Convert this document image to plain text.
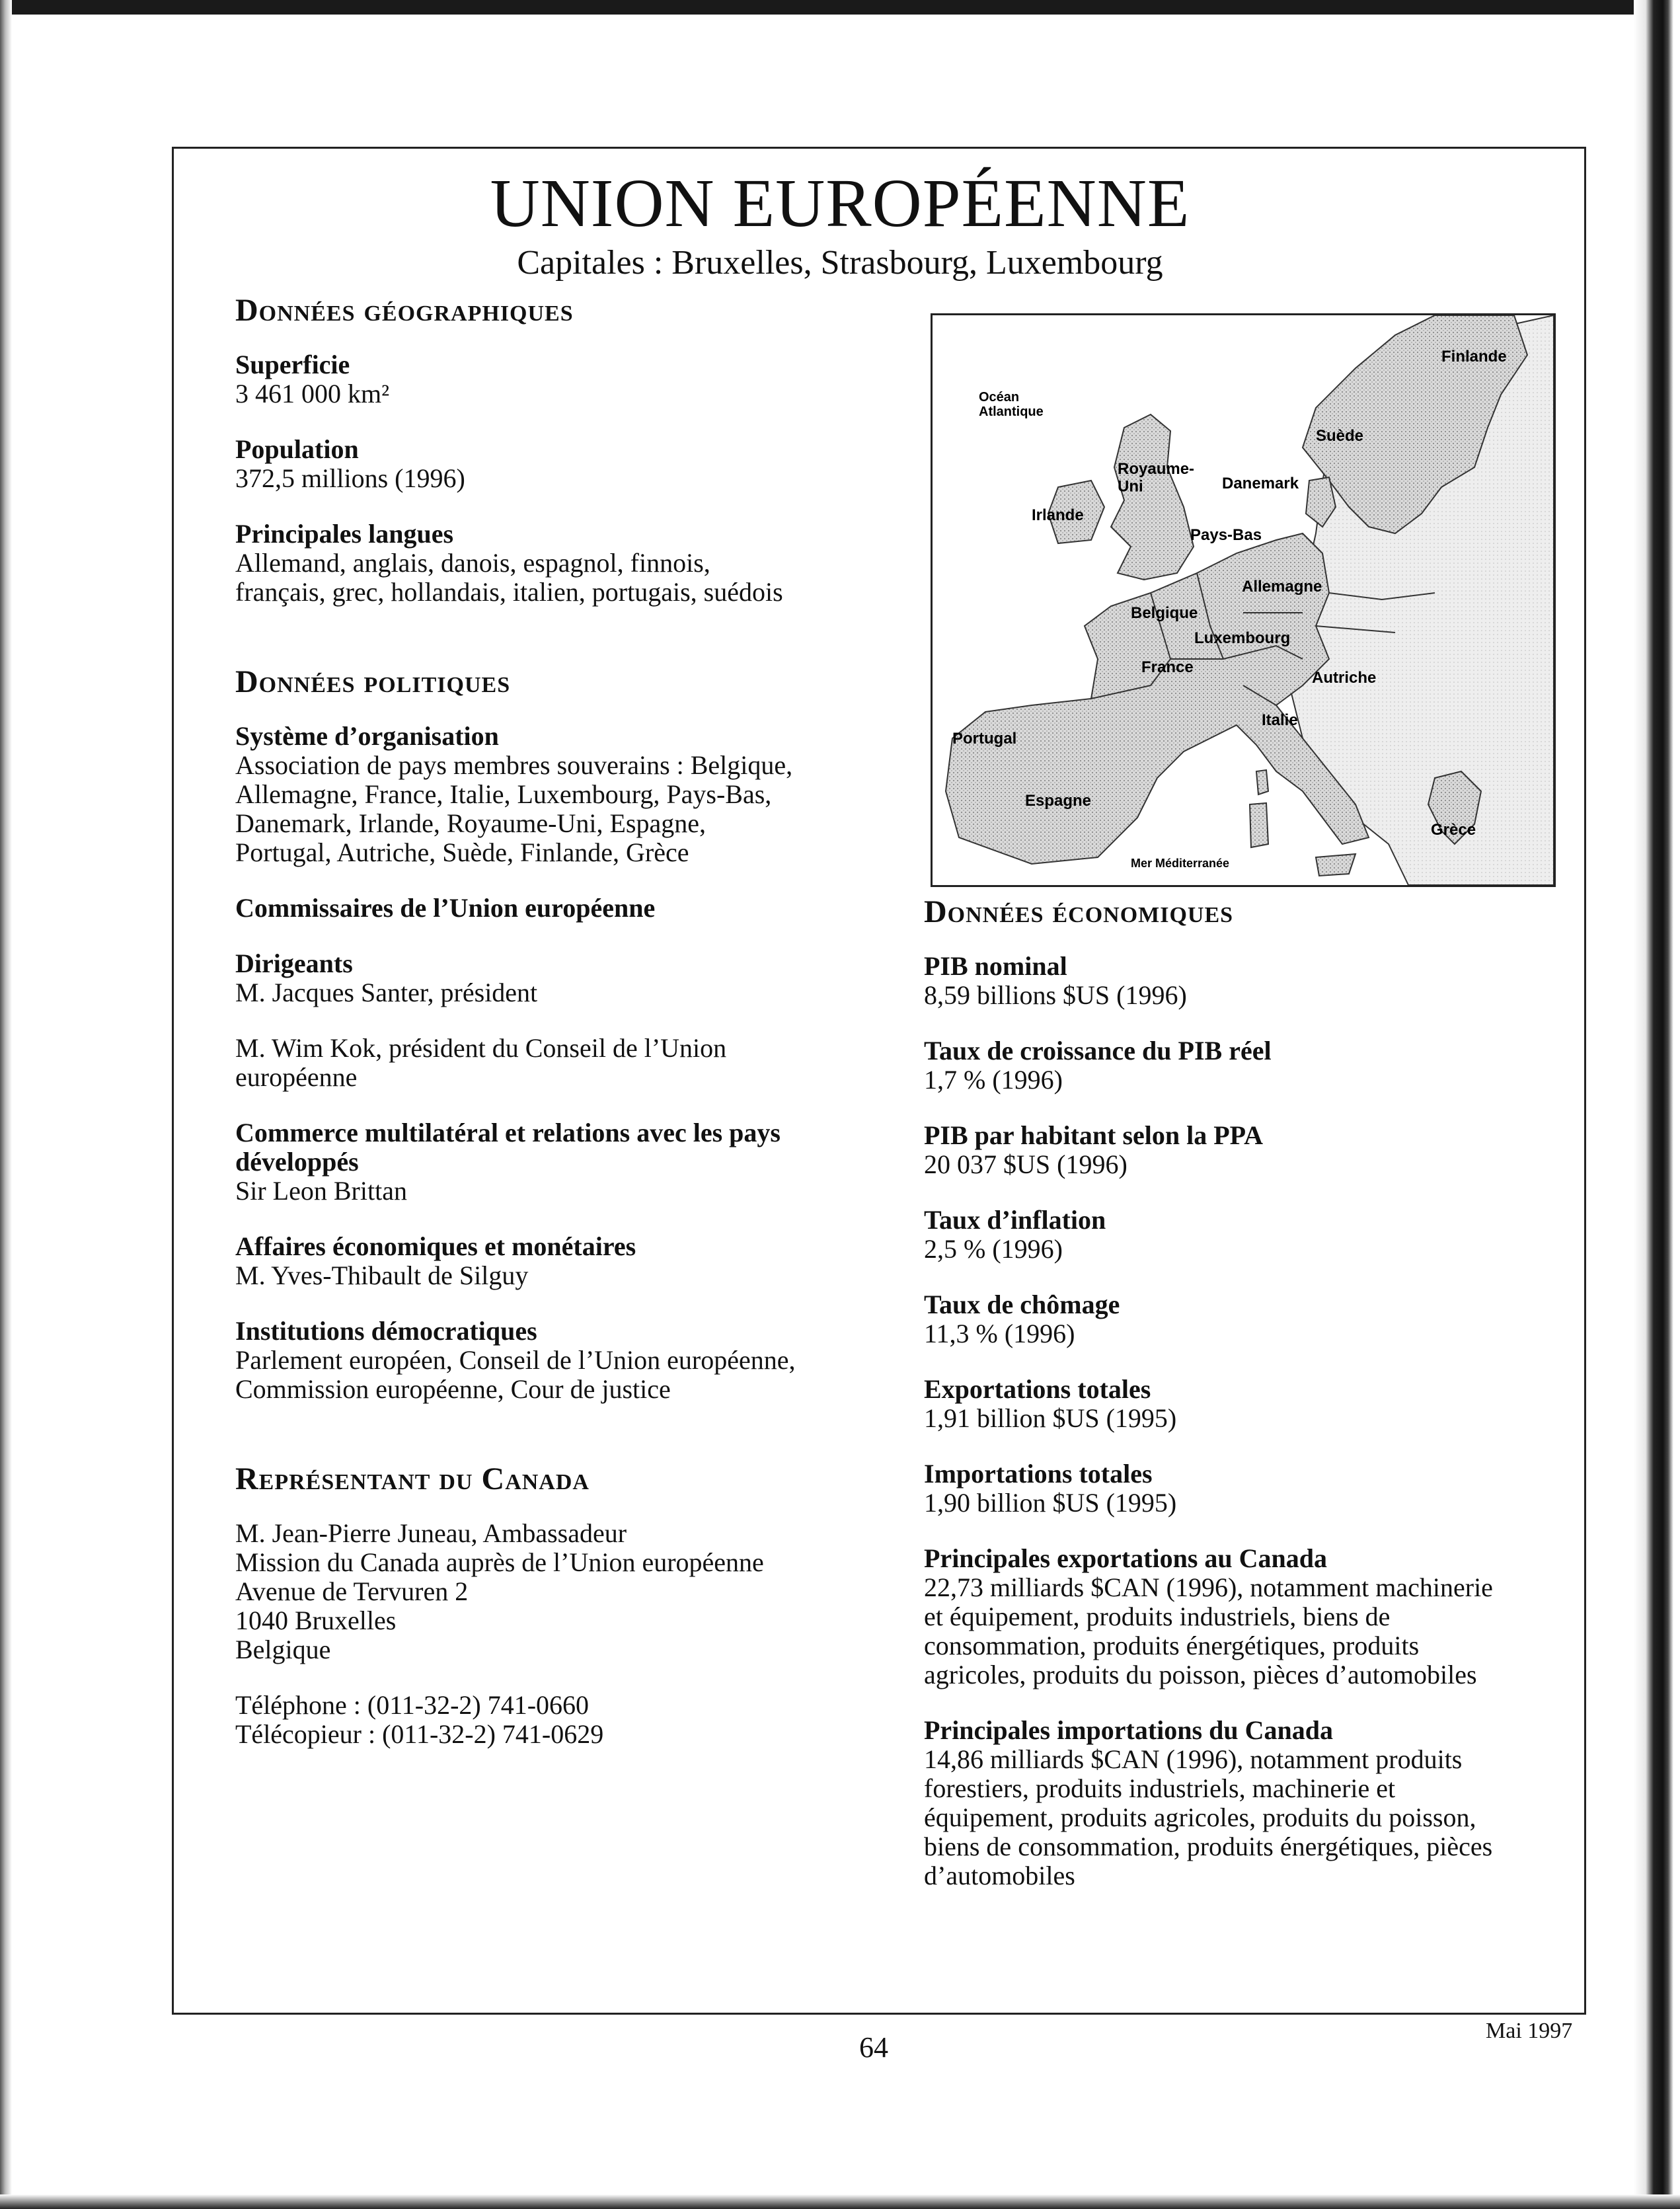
UNION EUROPÉENNE
Capitales : Bruxelles, Strasbourg, Luxembourg
Données géographiques
Superficie
3 461 000 km²
Population
372,5 millions (1996)
Principales langues
Allemand, anglais, danois, espagnol, finnois,
français, grec, hollandais, italien, portugais, suédois
Données politiques
Système d’organisation
Association de pays membres souverains : Belgique,
Allemagne, France, Italie, Luxembourg, Pays-Bas,
Danemark, Irlande, Royaume-Uni, Espagne,
Portugal, Autriche, Suède, Finlande, Grèce
Commissaires de l’Union européenne
Dirigeants
M. Jacques Santer, président
M. Wim Kok, président du Conseil de l’Union
européenne
Commerce multilatéral et relations avec les pays
développés
Sir Leon Brittan
Affaires économiques et monétaires
M. Yves-Thibault de Silguy
Institutions démocratiques
Parlement européen, Conseil de l’Union européenne,
Commission européenne, Cour de justice
Représentant du Canada
M. Jean-Pierre Juneau, Ambassadeur
Mission du Canada auprès de l’Union européenne
Avenue de Tervuren 2
1040 Bruxelles
Belgique
Téléphone : (011-32-2) 741-0660
Télécopieur : (011-32-2) 741-0629
Océan Atlantique
Finlande
Suède
Royaume-Uni	Danemark
Irlande
Pays-Bas
Allemagne
Belgique
Luxembourg
France
Autriche
Italie
Portugal
Espagne
Grèce
Mer Méditerranée
Données économiques
PIB nominal
8,59 billions $US (1996)
Taux de croissance du PIB réel
1,7 % (1996)
PIB par habitant selon la PPA
20 037 $US (1996)
Taux d’inflation
2,5 % (1996)
Taux de chômage
11,3 % (1996)
Exportations totales
1,91 billion $US (1995)
Importations totales
1,90 billion $US (1995)
Principales exportations au Canada
22,73 milliards $CAN (1996), notamment machinerie
et équipement, produits industriels, biens de
consommation, produits énergétiques, produits
agricoles, produits du poisson, pièces d’automobiles
Principales importations du Canada
14,86 milliards $CAN (1996), notamment produits
forestiers, produits industriels, machinerie et
équipement, produits agricoles, produits du poisson,
biens de consommation, produits énergétiques, pièces
d’automobiles
64
Mai 1997
